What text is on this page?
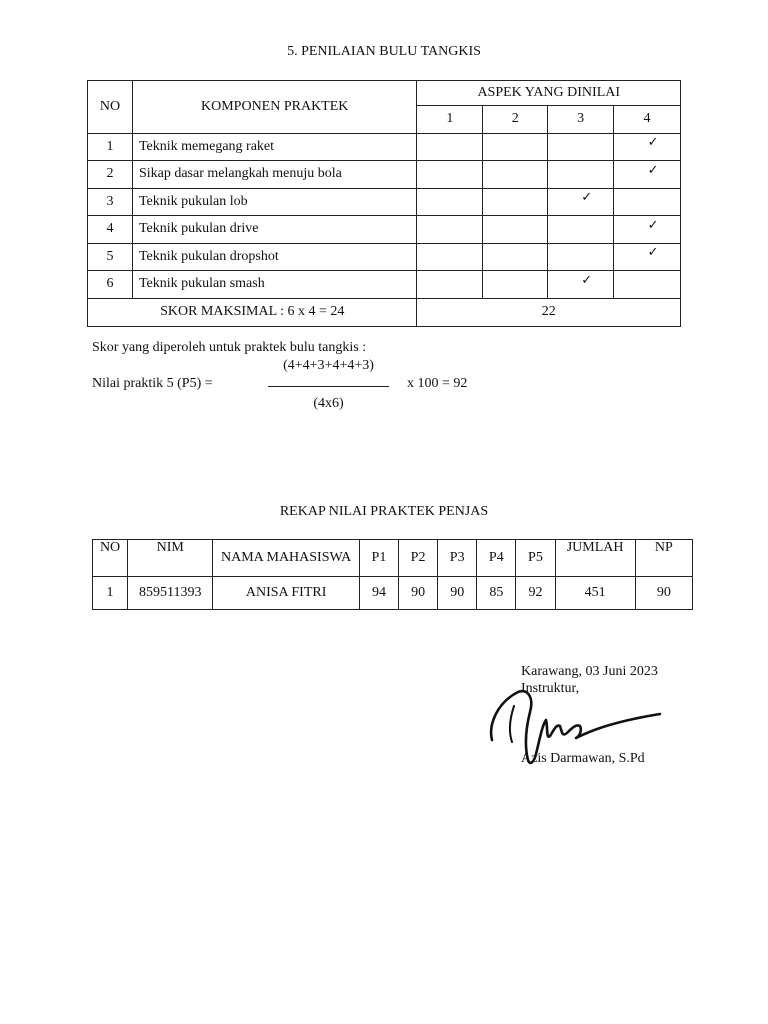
5. PENILAIAN BULU TANGKIS
NO	KOMPONEN PRAKTEK	ASPEK YANG DINILAI			
		1	2	3	4
1	Teknik memegang raket				✓
2	Sikap dasar melangkah menuju bola				✓
3	Teknik pukulan lob			✓	
4	Teknik pukulan drive				✓
5	Teknik pukulan dropshot				✓
6	Teknik pukulan smash			✓	
SKOR MAKSIMAL : 6 x 4 = 24		22			
Skor yang diperoleh untuk praktek bulu tangkis :
(4+4+3+4+4+3)
Nilai praktik 5 (P5) =	x 100 = 92
(4x6)
REKAP NILAI PRAKTEK PENJAS
NO	NIM	NAMA MAHASISWA	P1	P2	P3	P4	P5	JUMLAH	NP
1	859511393	ANISA FITRI	94	90	90	85	92	451	90
Karawang, 03 Juni 2023
Instruktur,
Azis Darmawan, S.Pd
